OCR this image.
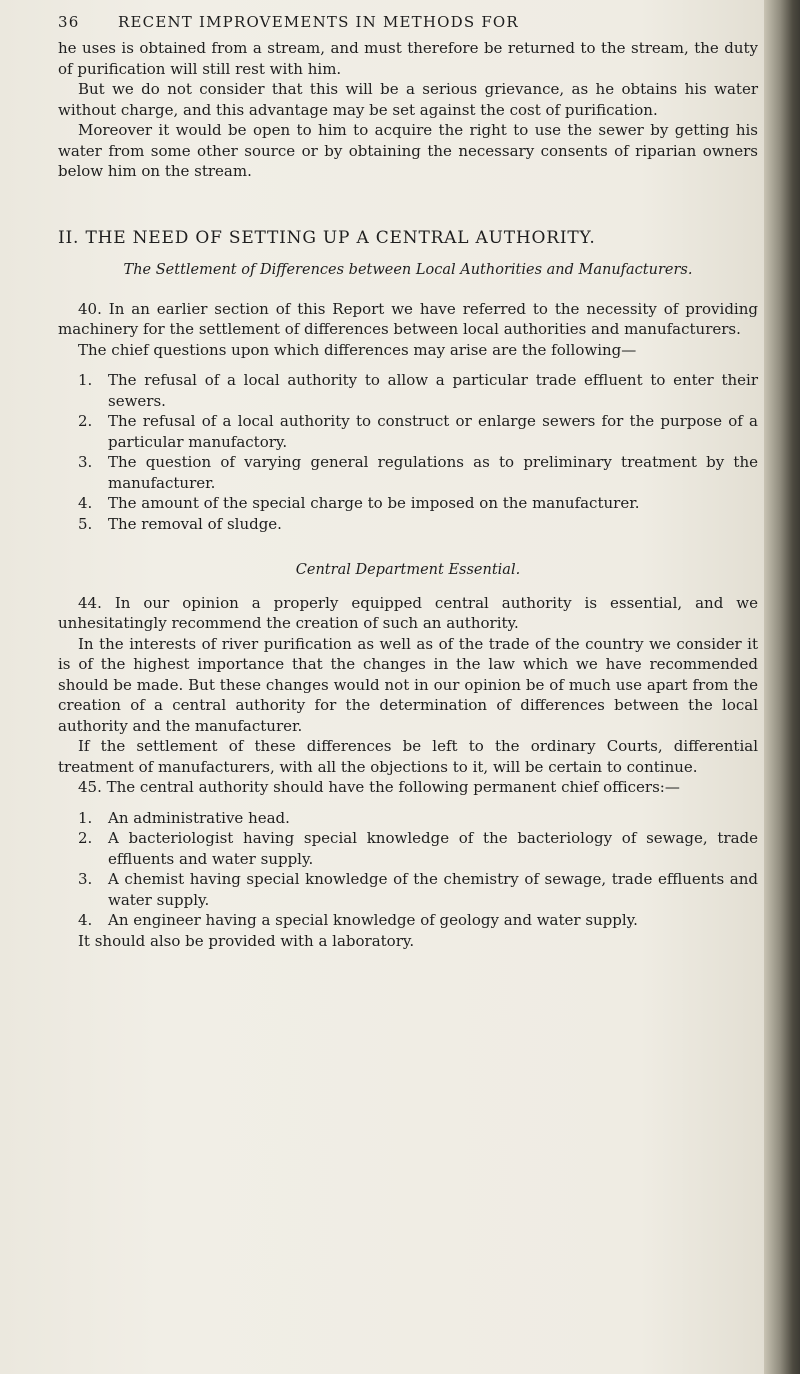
36	RECENT IMPROVEMENTS IN METHODS FOR

he uses is obtained from a stream, and must therefore be returned to the stream, the duty of purification will still rest with him.

But we do not consider that this will be a serious grievance, as he obtains his water without charge, and this advantage may be set against the cost of purification.

Moreover it would be open to him to acquire the right to use the sewer by getting his water from some other source or by obtaining the necessary consents of riparian owners below him on the stream.

II. THE NEED OF SETTING UP A CENTRAL AUTHORITY.
The Settlement of Differences between Local Authorities and Manufacturers.

40. In an earlier section of this Report we have referred to the necessity of providing machinery for the settlement of differences between local authorities and manufacturers.

The chief questions upon which differences may arise are the following—

1. The refusal of a local authority to allow a particular trade effluent to enter their sewers.
2. The refusal of a local authority to construct or enlarge sewers for the purpose of a particular manufactory.
3. The question of varying general regulations as to preliminary treatment by the manufacturer.
4. The amount of the special charge to be imposed on the manufacturer.
5. The removal of sludge.
Central Department Essential.

44. In our opinion a properly equipped central authority is essential, and we unhesitatingly recommend the creation of such an authority.

In the interests of river purification as well as of the trade of the country we consider it is of the highest importance that the changes in the law which we have recommended should be made. But these changes would not in our opinion be of much use apart from the creation of a central authority for the determination of differences between the local authority and the manufacturer.

If the settlement of these differences be left to the ordinary Courts, differential treatment of manufacturers, with all the objections to it, will be certain to continue.

45. The central authority should have the following permanent chief officers:—

1. An administrative head.
2. A bacteriologist having special knowledge of the bacteriology of sewage, trade effluents and water supply.
3. A chemist having special knowledge of the chemistry of sewage, trade effluents and water supply.
4. An engineer having a special knowledge of geology and water supply.

It should also be provided with a laboratory.
